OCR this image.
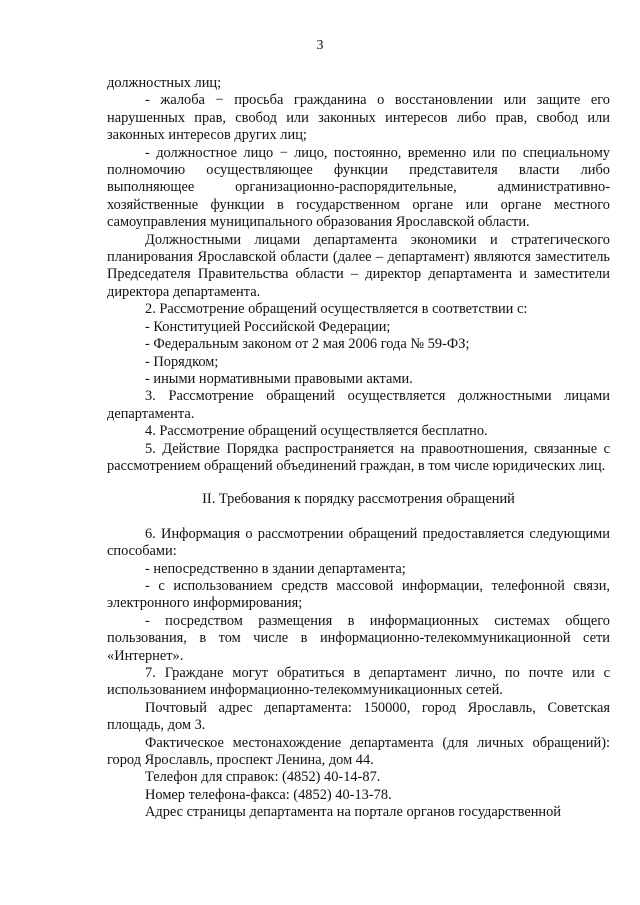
3
должностных лиц;
- жалоба − просьба гражданина о восстановлении или защите его нарушенных прав, свобод или законных интересов либо прав, свобод или законных интересов других лиц;
- должностное лицо − лицо, постоянно, временно или по специальному полномочию осуществляющее функции представителя власти либо выполняющее организационно-распорядительные, административно-хозяйственные функции в государственном органе или органе местного самоуправления муниципального образования Ярославской области.
Должностными лицами департамента экономики и стратегического планирования Ярославской области (далее – департамент) являются заместитель Председателя Правительства области – директор департамента и заместители директора департамента.
2. Рассмотрение обращений осуществляется в соответствии с:
- Конституцией Российской Федерации;
- Федеральным законом от 2 мая 2006 года № 59-ФЗ;
- Порядком;
- иными нормативными правовыми актами.
3. Рассмотрение обращений осуществляется должностными лицами департамента.
4. Рассмотрение обращений осуществляется бесплатно.
5. Действие Порядка распространяется на правоотношения, связанные с рассмотрением обращений объединений граждан, в том числе юридических лиц.
II. Требования к порядку рассмотрения обращений
6. Информация о рассмотрении обращений предоставляется следующими способами:
- непосредственно в здании департамента;
- с использованием средств массовой информации, телефонной связи, электронного информирования;
- посредством размещения в информационных системах общего пользования, в том числе в информационно-телекоммуникационной сети «Интернет».
7. Граждане могут обратиться в департамент лично, по почте или с использованием информационно-телекоммуникационных сетей.
Почтовый адрес департамента: 150000, город Ярославль, Советская площадь, дом 3.
Фактическое местонахождение департамента (для личных обращений): город Ярославль, проспект Ленина, дом 44.
Телефон для справок: (4852) 40-14-87.
Номер телефона-факса: (4852) 40-13-78.
Адрес страницы департамента на портале органов государственной
